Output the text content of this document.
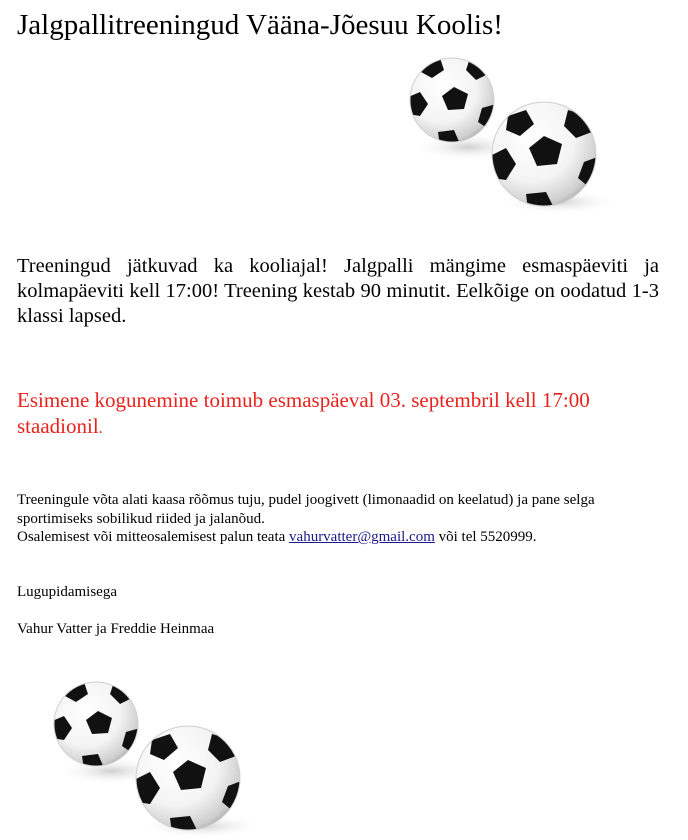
Jalgpallitreeningud Vääna-Jõesuu Koolis!

Treeningud jätkuvad ka kooliajal! Jalgpalli mängime esmaspäeviti ja kolmapäeviti kell 17:00! Treening kestab 90 minutit. Eelkõige on oodatud 1-3 klassi lapsed.

Esimene kogunemine toimub esmaspäeval 03. septembril kell 17:00 staadionil.

Treeningule võta alati kaasa rõõmus tuju, pudel joogivett (limonaadid on keelatud) ja pane selga sportimiseks sobilikud riided ja jalanõud.
Osalemisest või mitteosalemisest palun teata vahurvatter@gmail.com või tel 5520999.

Lugupidamisega

Vahur Vatter ja Freddie Heinmaa
